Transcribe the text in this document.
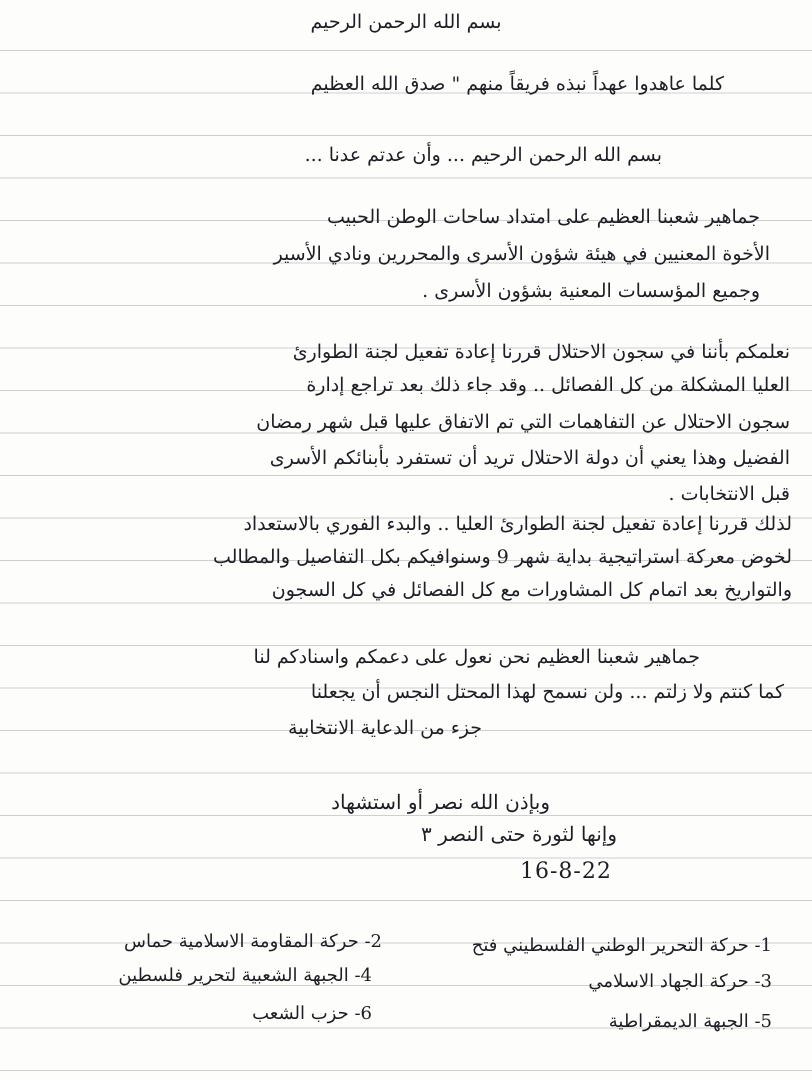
بسم الله الرحمن الرحيم
كلما عاهدوا عهداً نبذه فريقاً منهم " صدق الله العظيم
بسم الله الرحمن الرحيم ... وأن عدتم عدنا ...
جماهير شعبنا العظيم على امتداد ساحات الوطن الحبيب
الأخوة المعنيين في هيئة شؤون الأسرى والمحررين ونادي الأسير
وجميع المؤسسات المعنية بشؤون الأسرى .
نعلمكم بأننا في سجون الاحتلال قررنا إعادة تفعيل لجنة الطوارئ
العليا المشكلة من كل الفصائل .. وقد جاء ذلك بعد تراجع إدارة
سجون الاحتلال عن التفاهمات التي تم الاتفاق عليها قبل شهر رمضان
الفضيل وهذا يعني أن دولة الاحتلال تريد أن تستفرد بأبنائكم الأسرى
قبل الانتخابات .
لذلك قررنا إعادة تفعيل لجنة الطوارئ العليا .. والبدء الفوري بالاستعداد
لخوض معركة استراتيجية بداية شهر 9 وسنوافيكم بكل التفاصيل والمطالب
والتواريخ بعد اتمام كل المشاورات مع كل الفصائل في كل السجون
جماهير شعبنا العظيم نحن نعول على دعمكم واسنادكم لنا
كما كنتم ولا زلتم ... ولن نسمح لهذا المحتل النجس أن يجعلنا
جزء من الدعاية الانتخابية
وبإذن الله نصر أو استشهاد
وإنها لثورة حتى النصر ٣
16-8-22
1- حركة التحرير الوطني الفلسطيني فتح
2- حركة المقاومة الاسلامية حماس
3- حركة الجهاد الاسلامي
4- الجبهة الشعبية لتحرير فلسطين
5- الجبهة الديمقراطية
6- حزب الشعب
